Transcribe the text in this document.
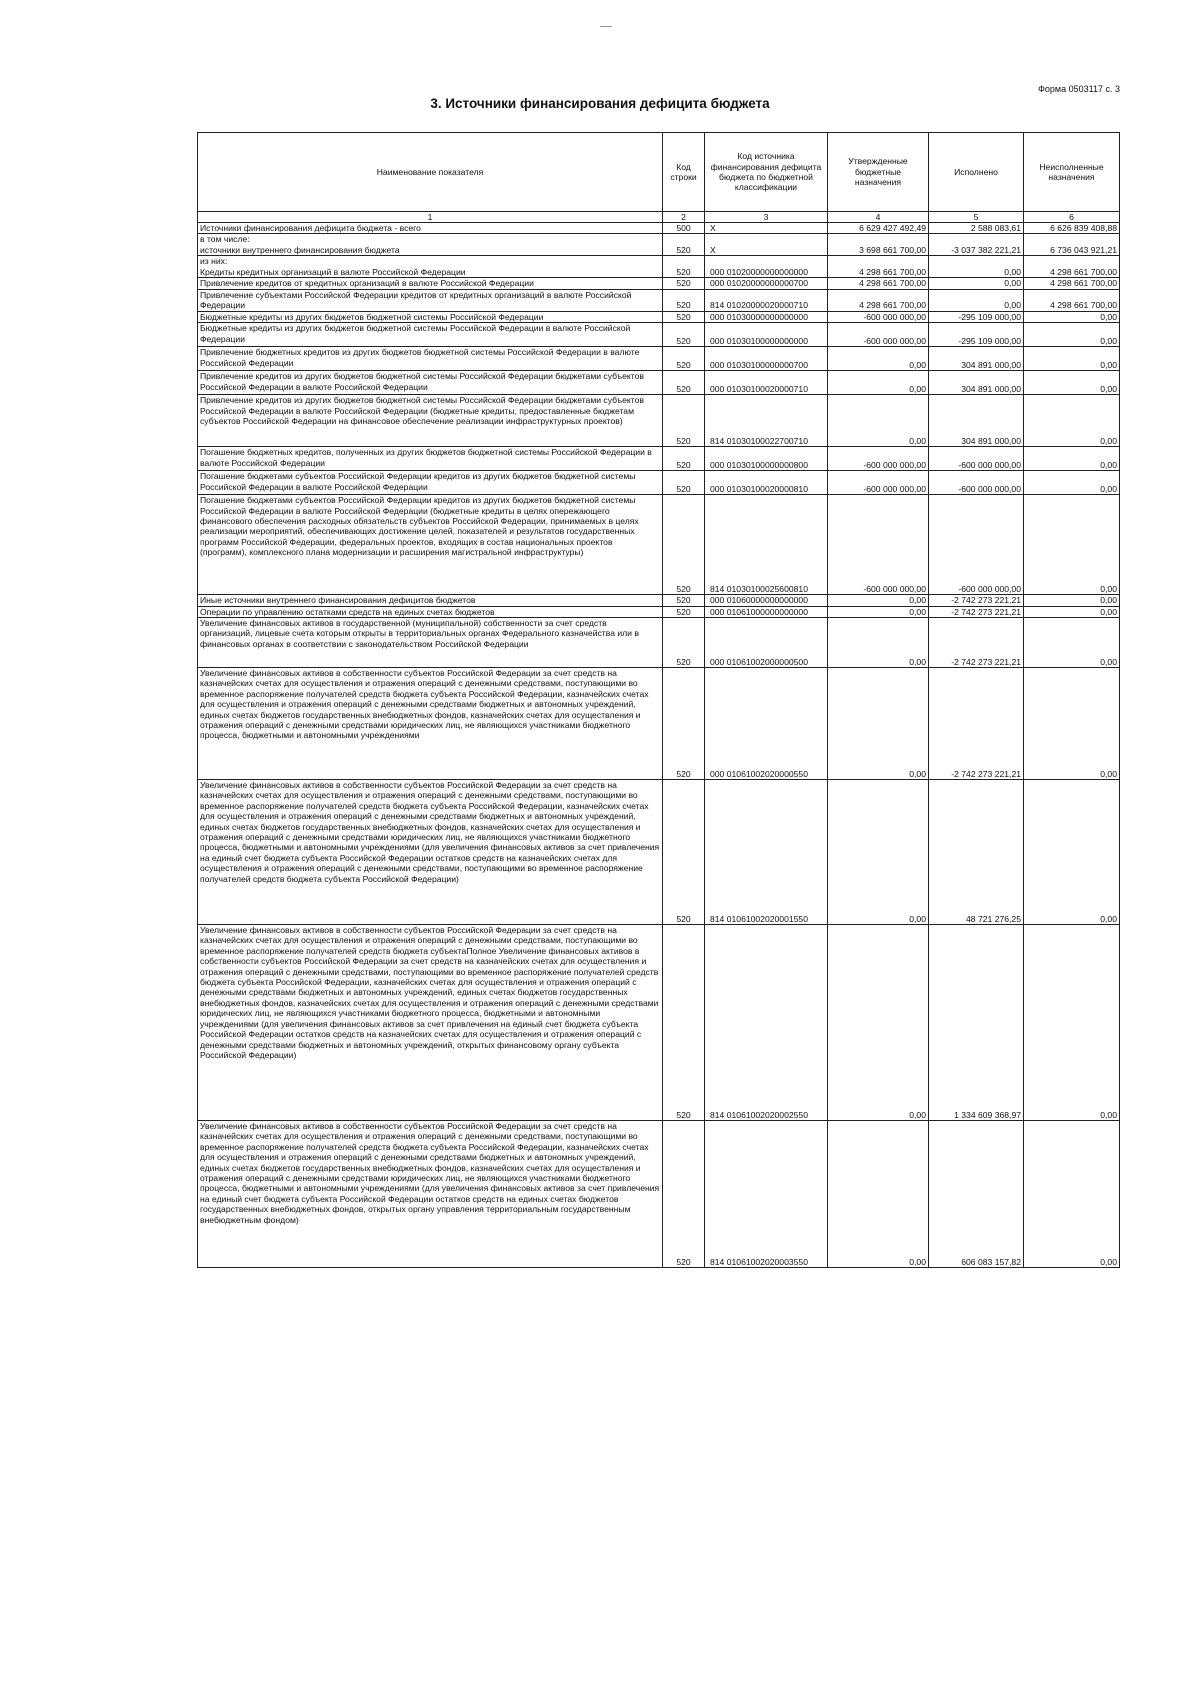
Форма 0503117 с. 3
3. Источники финансирования дефицита бюджета
Наименование показателя	Код строки	Код источника финансирования дефицита бюджета по бюджетной классификации	Утвержденные бюджетные назначения	Исполнено	Неисполненные назначения
1	2	3	4	5	6
Источники финансирования дефицита бюджета - всего	500	X	6 629 427 492,49	2 588 083,61	6 626 839 408,88
в том числе:
источники внутреннего финансирования бюджета	520	X	3 698 661 700,00	-3 037 382 221,21	6 736 043 921,21
из них:
Кредиты кредитных организаций в валюте Российской Федерации	520	000 01020000000000000	4 298 661 700,00	0,00	4 298 661 700,00
Привлечение кредитов от кредитных организаций в валюте Российской Федерации	520	000 01020000000000700	4 298 661 700,00	0,00	4 298 661 700,00
Привлечение субъектами Российской Федерации кредитов от кредитных организаций в валюте Российской Федерации	520	814 01020000020000710	4 298 661 700,00	0,00	4 298 661 700,00
Бюджетные кредиты из других бюджетов бюджетной системы Российской Федерации	520	000 01030000000000000	-600 000 000,00	-295 109 000,00	0,00
Бюджетные кредиты из других бюджетов бюджетной системы Российской Федерации в валюте Российской Федерации	520	000 01030100000000000	-600 000 000,00	-295 109 000,00	0,00
Привлечение бюджетных кредитов из других бюджетов бюджетной системы Российской Федерации в валюте Российской Федерации	520	000 01030100000000700	0,00	304 891 000,00	0,00
Привлечение кредитов из других бюджетов бюджетной системы Российской Федерации бюджетами субъектов Российской Федерации в валюте Российской Федерации	520	000 01030100020000710	0,00	304 891 000,00	0,00
Привлечение кредитов из других бюджетов бюджетной системы Российской Федерации бюджетами субъектов Российской Федерации в валюте Российской Федерации (бюджетные кредиты, предоставленные бюджетам субъектов Российской Федерации на финансовое обеспечение реализации инфраструктурных проектов)	520	814 01030100022700710	0,00	304 891 000,00	0,00
Погашение бюджетных кредитов, полученных из других бюджетов бюджетной системы Российской Федерации в валюте Российской Федерации	520	000 01030100000000800	-600 000 000,00	-600 000 000,00	0,00
Погашение бюджетами субъектов Российской Федерации кредитов из других бюджетов бюджетной системы Российской Федерации в валюте Российской Федерации	520	000 01030100020000810	-600 000 000,00	-600 000 000,00	0,00
Погашение бюджетами субъектов Российской Федерации кредитов из других бюджетов бюджетной системы Российской Федерации в валюте Российской Федерации (бюджетные кредиты в целях опережающего финансового обеспечения расходных обязательств субъектов Российской Федерации, принимаемых в целях реализации мероприятий, обеспечивающих достижение целей, показателей и результатов государственных программ Российской Федерации, федеральных проектов, входящих в состав национальных проектов (программ), комплексного плана модернизации и расширения магистральной инфраструктуры)	520	814 01030100025600810	-600 000 000,00	-600 000 000,00	0,00
Иные источники внутреннего финансирования дефицитов бюджетов	520	000 01060000000000000	0,00	-2 742 273 221,21	0,00
Операции по управлению остатками средств на единых счетах бюджетов	520	000 01061000000000000	0,00	-2 742 273 221,21	0,00
Увеличение финансовых активов в государственной (муниципальной) собственности за счет средств организаций, лицевые счета которым открыты в территориальных органах Федерального казначейства или в финансовых органах в соответствии с законодательством Российской Федерации	520	000 01061002000000500	0,00	-2 742 273 221,21	0,00
Увеличение финансовых активов в собственности субъектов Российской Федерации за счет средств на казначейских счетах для осуществления и отражения операций с денежными средствами, поступающими во временное распоряжение получателей средств бюджета субъекта Российской Федерации, казначейских счетах для осуществления и отражения операций с денежными средствами бюджетных и автономных учреждений, единых счетах бюджетов государственных внебюджетных фондов, казначейских счетах для осуществления и отражения операций с денежными средствами юридических лиц, не являющихся участниками бюджетного процесса, бюджетными и автономными учреждениями	520	000 01061002020000550	0,00	-2 742 273 221,21	0,00
Увеличение финансовых активов в собственности субъектов Российской Федерации за счет средств на казначейских счетах для осуществления и отражения операций с денежными средствами, поступающими во временное распоряжение получателей средств бюджета субъекта Российской Федерации, казначейских счетах для осуществления и отражения операций с денежными средствами бюджетных и автономных учреждений, единых счетах бюджетов государственных внебюджетных фондов, казначейских счетах для осуществления и отражения операций с денежными средствами юридических лиц, не являющихся участниками бюджетного процесса, бюджетными и автономными учреждениями (для увеличения финансовых активов за счет привлечения на единый счет бюджета субъекта Российской Федерации остатков средств на казначейских счетах для осуществления и отражения операций с денежными средствами, поступающими во временное распоряжение получателей средств бюджета субъекта Российской Федерации)	520	814 01061002020001550	0,00	48 721 276,25	0,00
Увеличение финансовых активов в собственности субъектов Российской Федерации за счет средств на казначейских счетах для осуществления и отражения операций с денежными средствами, поступающими во временное распоряжение получателей средств бюджета субъектаПолное Увеличение финансовых активов в собственности субъектов Российской Федерации за счет средств на казначейских счетах для осуществления и отражения операций с денежными средствами, поступающими во временное распоряжение получателей средств бюджета субъекта Российской Федерации, казначейских счетах для осуществления и отражения операций с денежными средствами бюджетных и автономных учреждений, единых счетах бюджетов государственных внебюджетных фондов, казначейских счетах для осуществления и отражения операций с денежными средствами юридических лиц, не являющихся участниками бюджетного процесса, бюджетными и автономными учреждениями (для увеличения финансовых активов за счет привлечения на единый счет бюджета субъекта Российской Федерации остатков средств на казначейских счетах для осуществления и отражения операций с денежными средствами бюджетных и автономных учреждений, открытых финансовому органу субъекта Российской Федерации)	520	814 01061002020002550	0,00	1 334 609 368,97	0,00
Увеличение финансовых активов в собственности субъектов Российской Федерации за счет средств на казначейских счетах для осуществления и отражения операций с денежными средствами, поступающими во временное распоряжение получателей средств бюджета субъекта Российской Федерации, казначейских счетах для осуществления и отражения операций с денежными средствами бюджетных и автономных учреждений, единых счетах бюджетов государственных внебюджетных фондов, казначейских счетах для осуществления и отражения операций с денежными средствами юридических лиц, не являющихся участниками бюджетного процесса, бюджетными и автономными учреждениями (для увеличения финансовых активов за счет привлечения на единый счет бюджета субъекта Российской Федерации остатков средств на единых счетах бюджетов государственных внебюджетных фондов, открытых органу управления территориальным государственным внебюджетным фондом)	520	814 01061002020003550	0,00	606 083 157,82	0,00
